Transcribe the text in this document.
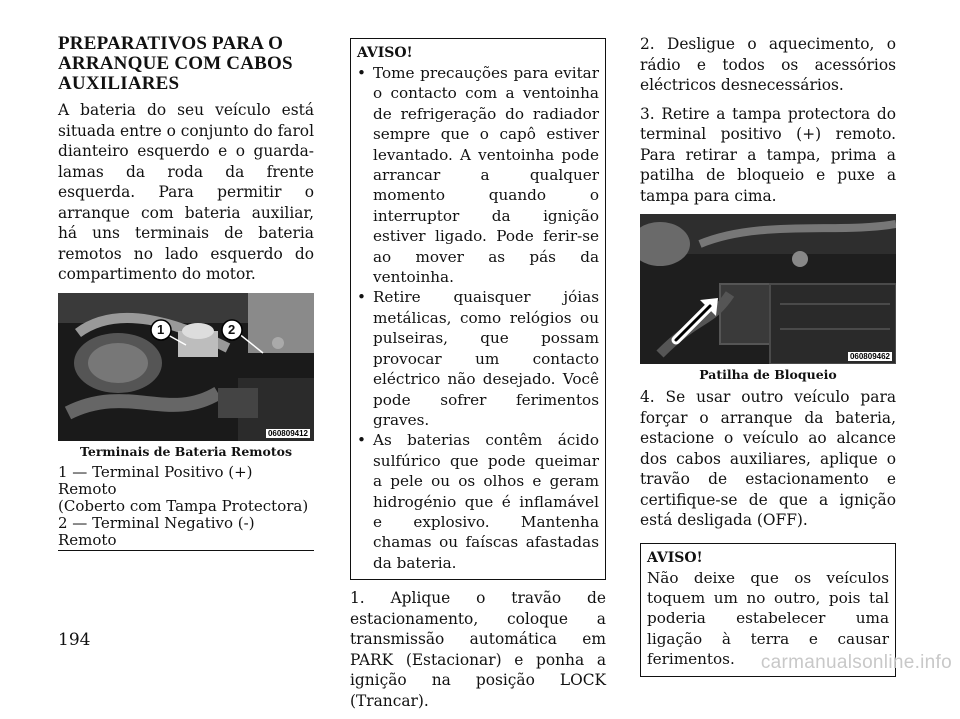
PREPARATIVOS PARA O ARRANQUE COM CABOS AUXILIARES

A bateria do seu veículo está situada entre o conjunto do farol dianteiro esquerdo e o guarda-lamas da roda da frente esquerda. Para permitir o arranque com bateria auxiliar, há uns terminais de bateria remotos no lado esquerdo do compartimento do motor.

1	2
060809412
Terminais de Bateria Remotos
1 — Terminal Positivo (+) Remoto
(Coberto com Tampa Protectora)
2 — Terminal Negativo (-) Remoto
AVISO!
• Tome precauções para evitar o contacto com a ventoinha de refrigeração do radiador sempre que o capô estiver levantado. A ventoinha pode arrancar a qualquer momento quando o interruptor da ignição estiver ligado. Pode ferir-se ao mover as pás da ventoinha.
• Retire quaisquer jóias metálicas, como relógios ou pulseiras, que possam provocar um contacto eléctrico não desejado. Você pode sofrer ferimentos graves.
• As baterias contêm ácido sulfúrico que pode queimar a pele ou os olhos e geram hidrogénio que é inflamável e explosivo. Mantenha chamas ou faíscas afastadas da bateria.

1. Aplique o travão de estacionamento, coloque a transmissão automática em PARK (Estacionar) e ponha a ignição na posição LOCK (Trancar).

2. Desligue o aquecimento, o rádio e todos os acessórios eléctricos desnecessários.

3. Retire a tampa protectora do terminal positivo (+) remoto. Para retirar a tampa, prima a patilha de bloqueio e puxe a tampa para cima.

060809462
Patilha de Bloqueio

4. Se usar outro veículo para forçar o arranque da bateria, estacione o veículo ao alcance dos cabos auxiliares, aplique o travão de estacionamento e certifique-se de que a ignição está desligada (OFF).

AVISO!

Não deixe que os veículos toquem um no outro, pois tal poderia estabelecer uma ligação à terra e causar ferimentos.

194
carmanualsonline.info
